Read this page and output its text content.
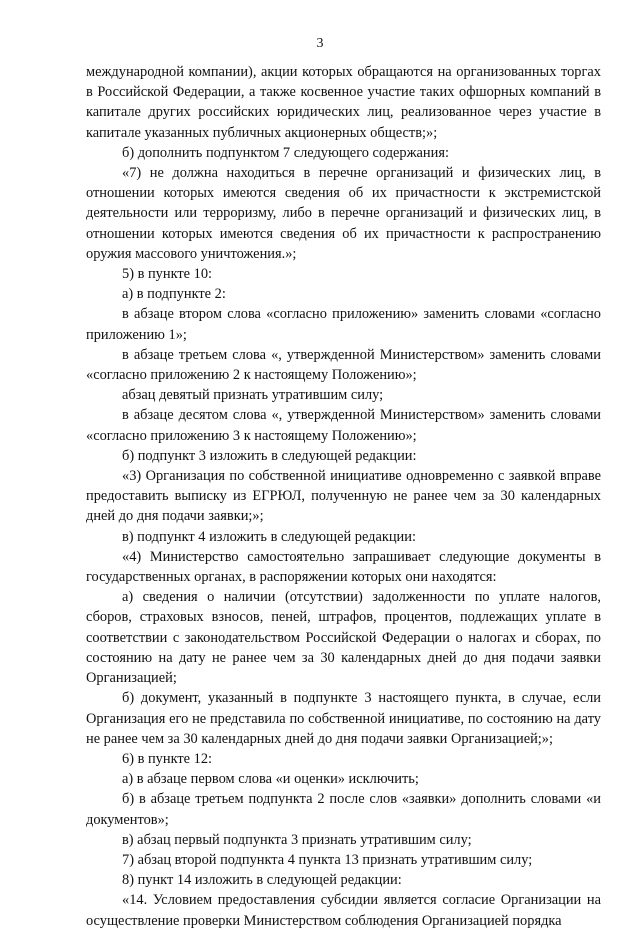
3

международной компании), акции которых обращаются на организованных торгах в Российской Федерации, а также косвенное участие таких офшорных компаний в капитале других российских юридических лиц, реализованное через участие в капитале указанных публичных акционерных обществ;»;

б) дополнить подпунктом 7 следующего содержания:

«7) не должна находиться в перечне организаций и физических лиц, в отношении которых имеются сведения об их причастности к экстремистской деятельности или терроризму, либо в перечне организаций и физических лиц, в отношении которых имеются сведения об их причастности к распространению оружия массового уничтожения.»;

5) в пункте 10:

а) в подпункте 2:

в абзаце втором слова «согласно приложению» заменить словами «согласно приложению 1»;

в абзаце третьем слова «, утвержденной Министерством» заменить словами «согласно приложению 2 к настоящему Положению»;

абзац девятый признать утратившим силу;

в абзаце десятом слова «, утвержденной Министерством» заменить словами «согласно приложению 3 к настоящему Положению»;

б) подпункт 3 изложить в следующей редакции:

«3) Организация по собственной инициативе одновременно с заявкой вправе предоставить выписку из ЕГРЮЛ, полученную не ранее чем за 30 календарных дней до дня подачи заявки;»;

в) подпункт 4 изложить в следующей редакции:

«4) Министерство самостоятельно запрашивает следующие документы в государственных органах, в распоряжении которых они находятся:

а) сведения о наличии (отсутствии) задолженности по уплате налогов, сборов, страховых взносов, пеней, штрафов, процентов, подлежащих уплате в соответствии с законодательством Российской Федерации о налогах и сборах, по состоянию на дату не ранее чем за 30 календарных дней до дня подачи заявки Организацией;

б) документ, указанный в подпункте 3 настоящего пункта, в случае, если Организация его не представила по собственной инициативе, по состоянию на дату не ранее чем за 30 календарных дней до дня подачи заявки Организацией;»;

6) в пункте 12:

а) в абзаце первом слова «и оценки» исключить;

б) в абзаце третьем подпункта 2 после слов «заявки» дополнить словами «и документов»;

в) абзац первый подпункта 3 признать утратившим силу;

7) абзац второй подпункта 4 пункта 13 признать утратившим силу;

8) пункт 14 изложить в следующей редакции:

«14. Условием предоставления субсидии является согласие Организации на осуществление проверки Министерством соблюдения Организацией порядка
